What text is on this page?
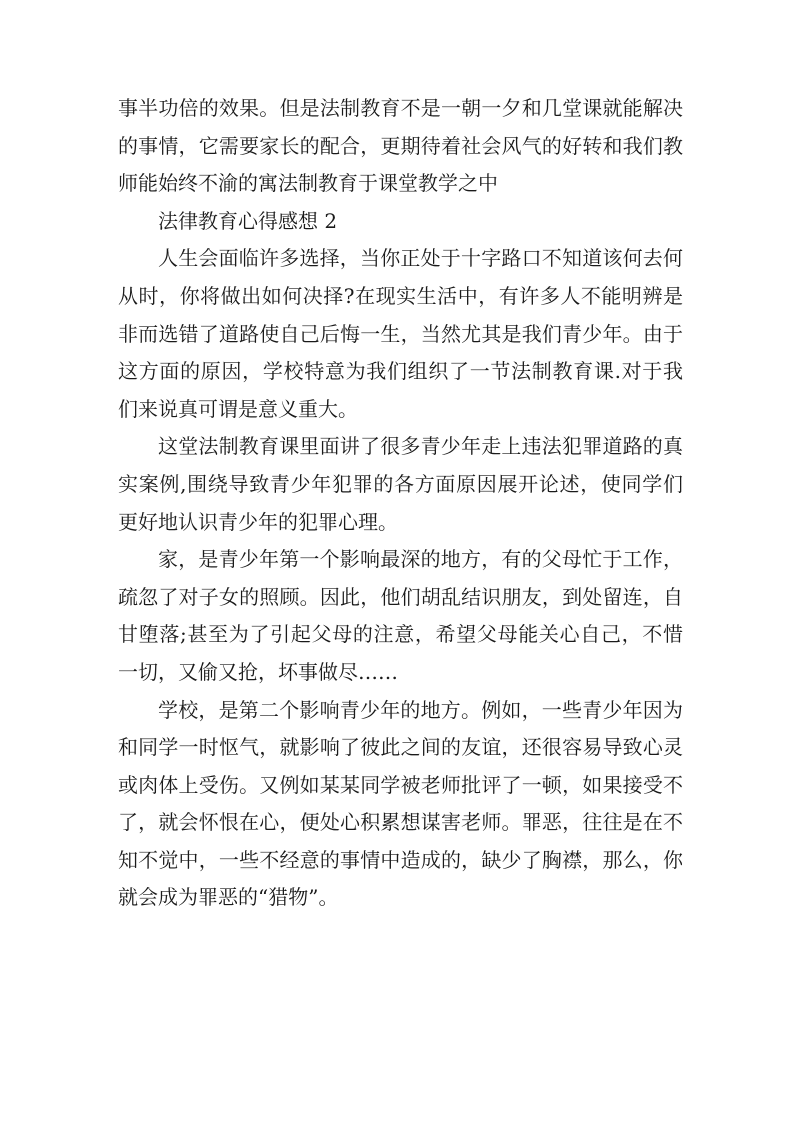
事半功倍的效果。但是法制教育不是一朝一夕和几堂课就能解决的事情，它需要家长的配合，更期待着社会风气的好转和我们教师能始终不渝的寓法制教育于课堂教学之中

法律教育心得感想 2

人生会面临许多选择，当你正处于十字路口不知道该何去何从时，你将做出如何决择?在现实生活中，有许多人不能明辨是非而选错了道路使自己后悔一生，当然尤其是我们青少年。由于这方面的原因，学校特意为我们组织了一节法制教育课.对于我们来说真可谓是意义重大。

这堂法制教育课里面讲了很多青少年走上违法犯罪道路的真实案例,围绕导致青少年犯罪的各方面原因展开论述，使同学们更好地认识青少年的犯罪心理。

家，是青少年第一个影响最深的地方，有的父母忙于工作，疏忽了对子女的照顾。因此，他们胡乱结识朋友，到处留连，自甘堕落;甚至为了引起父母的注意，希望父母能关心自己，不惜一切，又偷又抢，坏事做尽……

学校，是第二个影响青少年的地方。例如，一些青少年因为和同学一时怄气，就影响了彼此之间的友谊，还很容易导致心灵或肉体上受伤。又例如某某同学被老师批评了一顿，如果接受不了，就会怀恨在心，便处心积累想谋害老师。罪恶，往往是在不知不觉中，一些不经意的事情中造成的，缺少了胸襟，那么，你就会成为罪恶的“猎物”。
